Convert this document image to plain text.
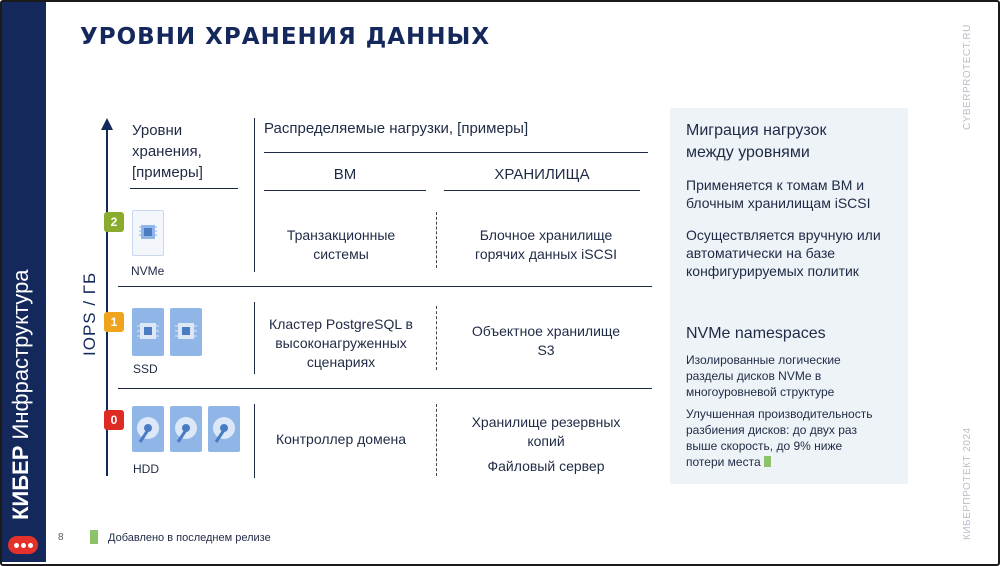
КИБЕР Инфраструктура
УРОВНИ ХРАНЕНИЯ ДАННЫХ
IOPS / ГБ
Уровни
хранения,
[примеры]
Распределяемые нагрузки, [примеры]
ВМ	ХРАНИЛИЩА
2
NVMe
Транзакционные
системы
Блочное хранилище
горячих данных iSCSI
1
SSD
Кластер PostgreSQL в
высоконагруженных
сценариях
Объектное хранилище
S3
0
HDD
Контроллер домена
Хранилище резервных
копий
Файловый сервер
Миграция нагрузок
между уровнями
Применяется к томам ВМ и
блочным хранилищам iSCSI
Осуществляется вручную или
автоматически на базе
конфигурируемых политик
NVMe namespaces
Изолированные логические
разделы дисков NVMe в
многоуровневой структуре
Улучшенная производительность
разбиения дисков: до двух раз
выше скорость, до 9% ниже
потери места
CYBERPROTECT.RU
КИБЕРПРОТЕКТ 2024
8	Добавлено в последнем релизе
